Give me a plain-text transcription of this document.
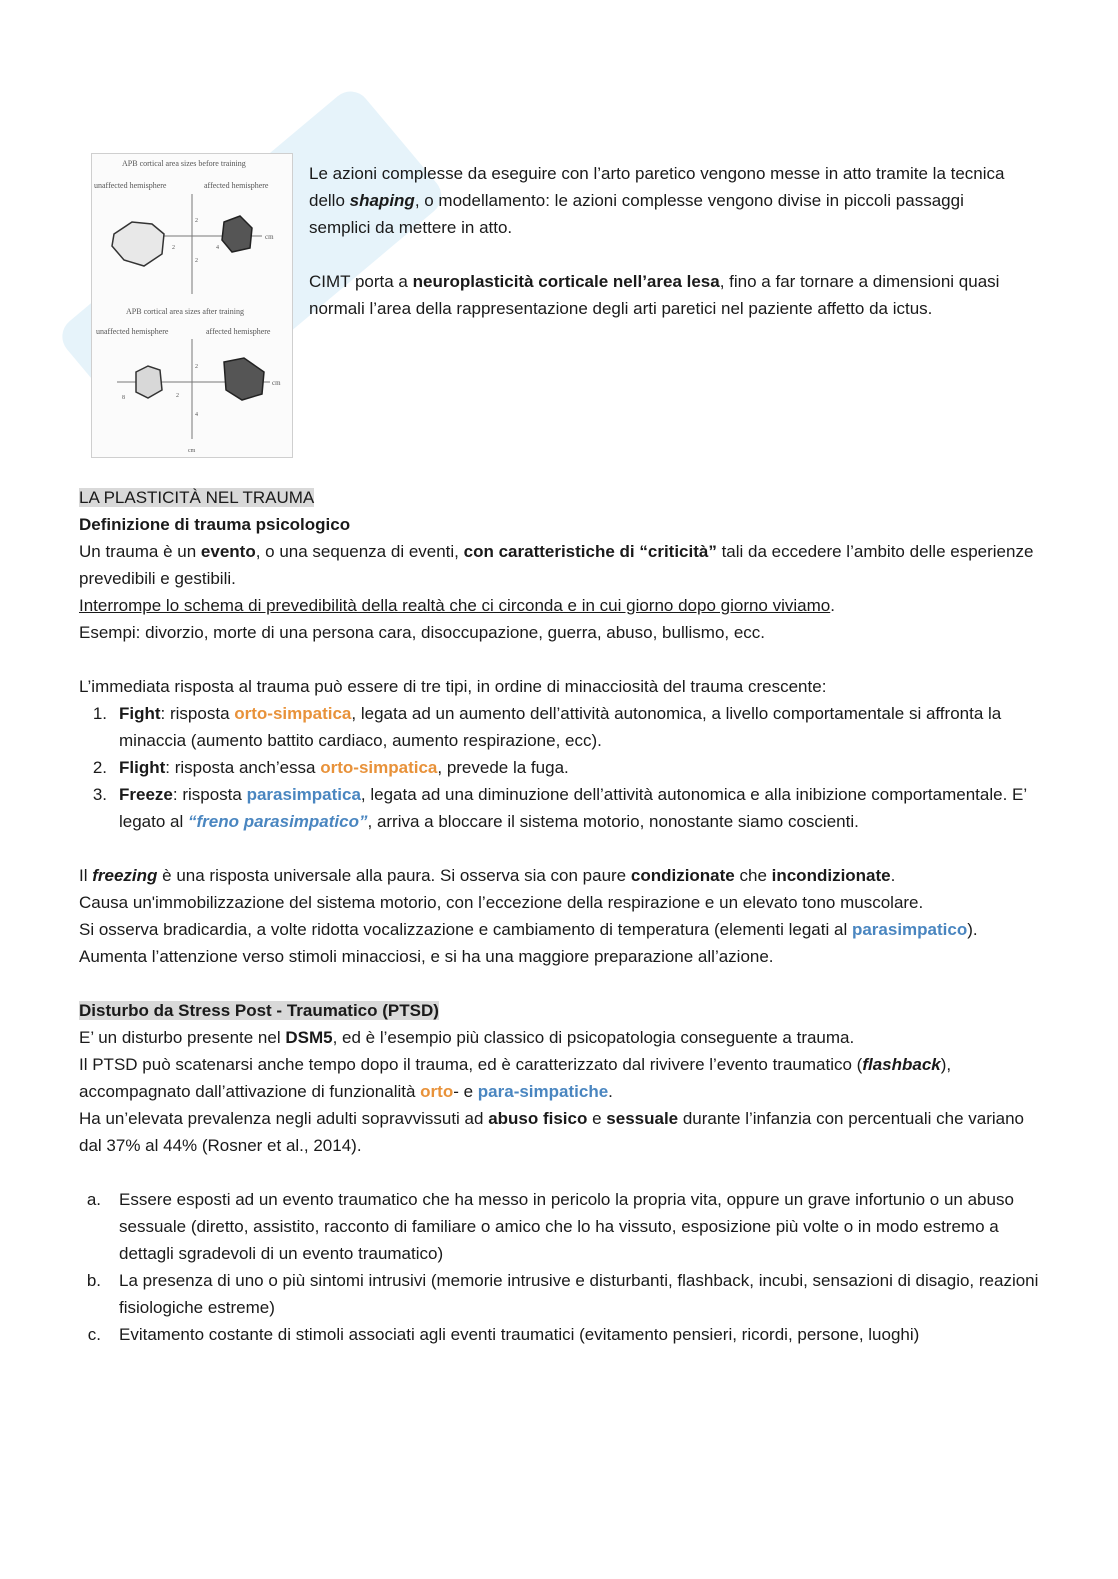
APB cortical area sizes before training
unaffected hemisphere	affected hemisphere
cm
2
2
2	4
APB cortical area sizes after training
unaffected hemisphere	affected hemisphere
cm
8	2
2
4
cm

Le azioni complesse da eseguire con l’arto paretico vengono messe in atto tramite la tecnica dello shaping, o modellamento: le azioni complesse vengono divise in piccoli passaggi semplici da mettere in atto.

CIMT porta a neuroplasticità corticale nell’area lesa, fino a far tornare a dimensioni quasi normali l’area della rappresentazione degli arti paretici nel paziente affetto da ictus.

LA PLASTICITÀ NEL TRAUMA

Definizione di trauma psicologico

Un trauma è un evento, o una sequenza di eventi, con caratteristiche di “criticità” tali da eccedere l’ambito delle esperienze prevedibili e gestibili.

Interrompe lo schema di prevedibilità della realtà che ci circonda e in cui giorno dopo giorno viviamo.

Esempi: divorzio, morte di una persona cara, disoccupazione, guerra, abuso, bullismo, ecc.

L’immediata risposta al trauma può essere di tre tipi, in ordine di minacciosità del trauma crescente:

1. Fight: risposta orto-simpatica, legata ad un aumento dell’attività autonomica, a livello comportamentale si affronta la minaccia (aumento battito cardiaco, aumento respirazione, ecc).
2. Flight: risposta anch’essa orto-simpatica, prevede la fuga.
3. Freeze: risposta parasimpatica, legata ad una diminuzione dell’attività autonomica e alla inibizione comportamentale. E’ legato al “freno parasimpatico”, arriva a bloccare il sistema motorio, nonostante siamo coscienti.

Il freezing è una risposta universale alla paura. Si osserva sia con paure condizionate che incondizionate.
Causa un'immobilizzazione del sistema motorio, con l’eccezione della respirazione e un elevato tono muscolare.
Si osserva bradicardia, a volte ridotta vocalizzazione e cambiamento di temperatura (elementi legati al parasimpatico). Aumenta l’attenzione verso stimoli minacciosi, e si ha una maggiore preparazione all’azione.

Disturbo da Stress Post - Traumatico (PTSD)

E’ un disturbo presente nel DSM5, ed è l’esempio più classico di psicopatologia conseguente a trauma.

Il PTSD può scatenarsi anche tempo dopo il trauma, ed è caratterizzato dal rivivere l’evento traumatico (flashback), accompagnato dall’attivazione di funzionalità orto- e para-simpatiche.

Ha un’elevata prevalenza negli adulti sopravvissuti ad abuso fisico e sessuale durante l’infanzia con percentuali che variano dal 37% al 44% (Rosner et al., 2014).

a. Essere esposti ad un evento traumatico che ha messo in pericolo la propria vita, oppure un grave infortunio o un abuso sessuale (diretto, assistito, racconto di familiare o amico che lo ha vissuto, esposizione più volte o in modo estremo a dettagli sgradevoli di un evento traumatico)
b. La presenza di uno o più sintomi intrusivi (memorie intrusive e disturbanti, flashback, incubi, sensazioni di disagio, reazioni fisiologiche estreme)
c. Evitamento costante di stimoli associati agli eventi traumatici (evitamento pensieri, ricordi, persone, luoghi)
